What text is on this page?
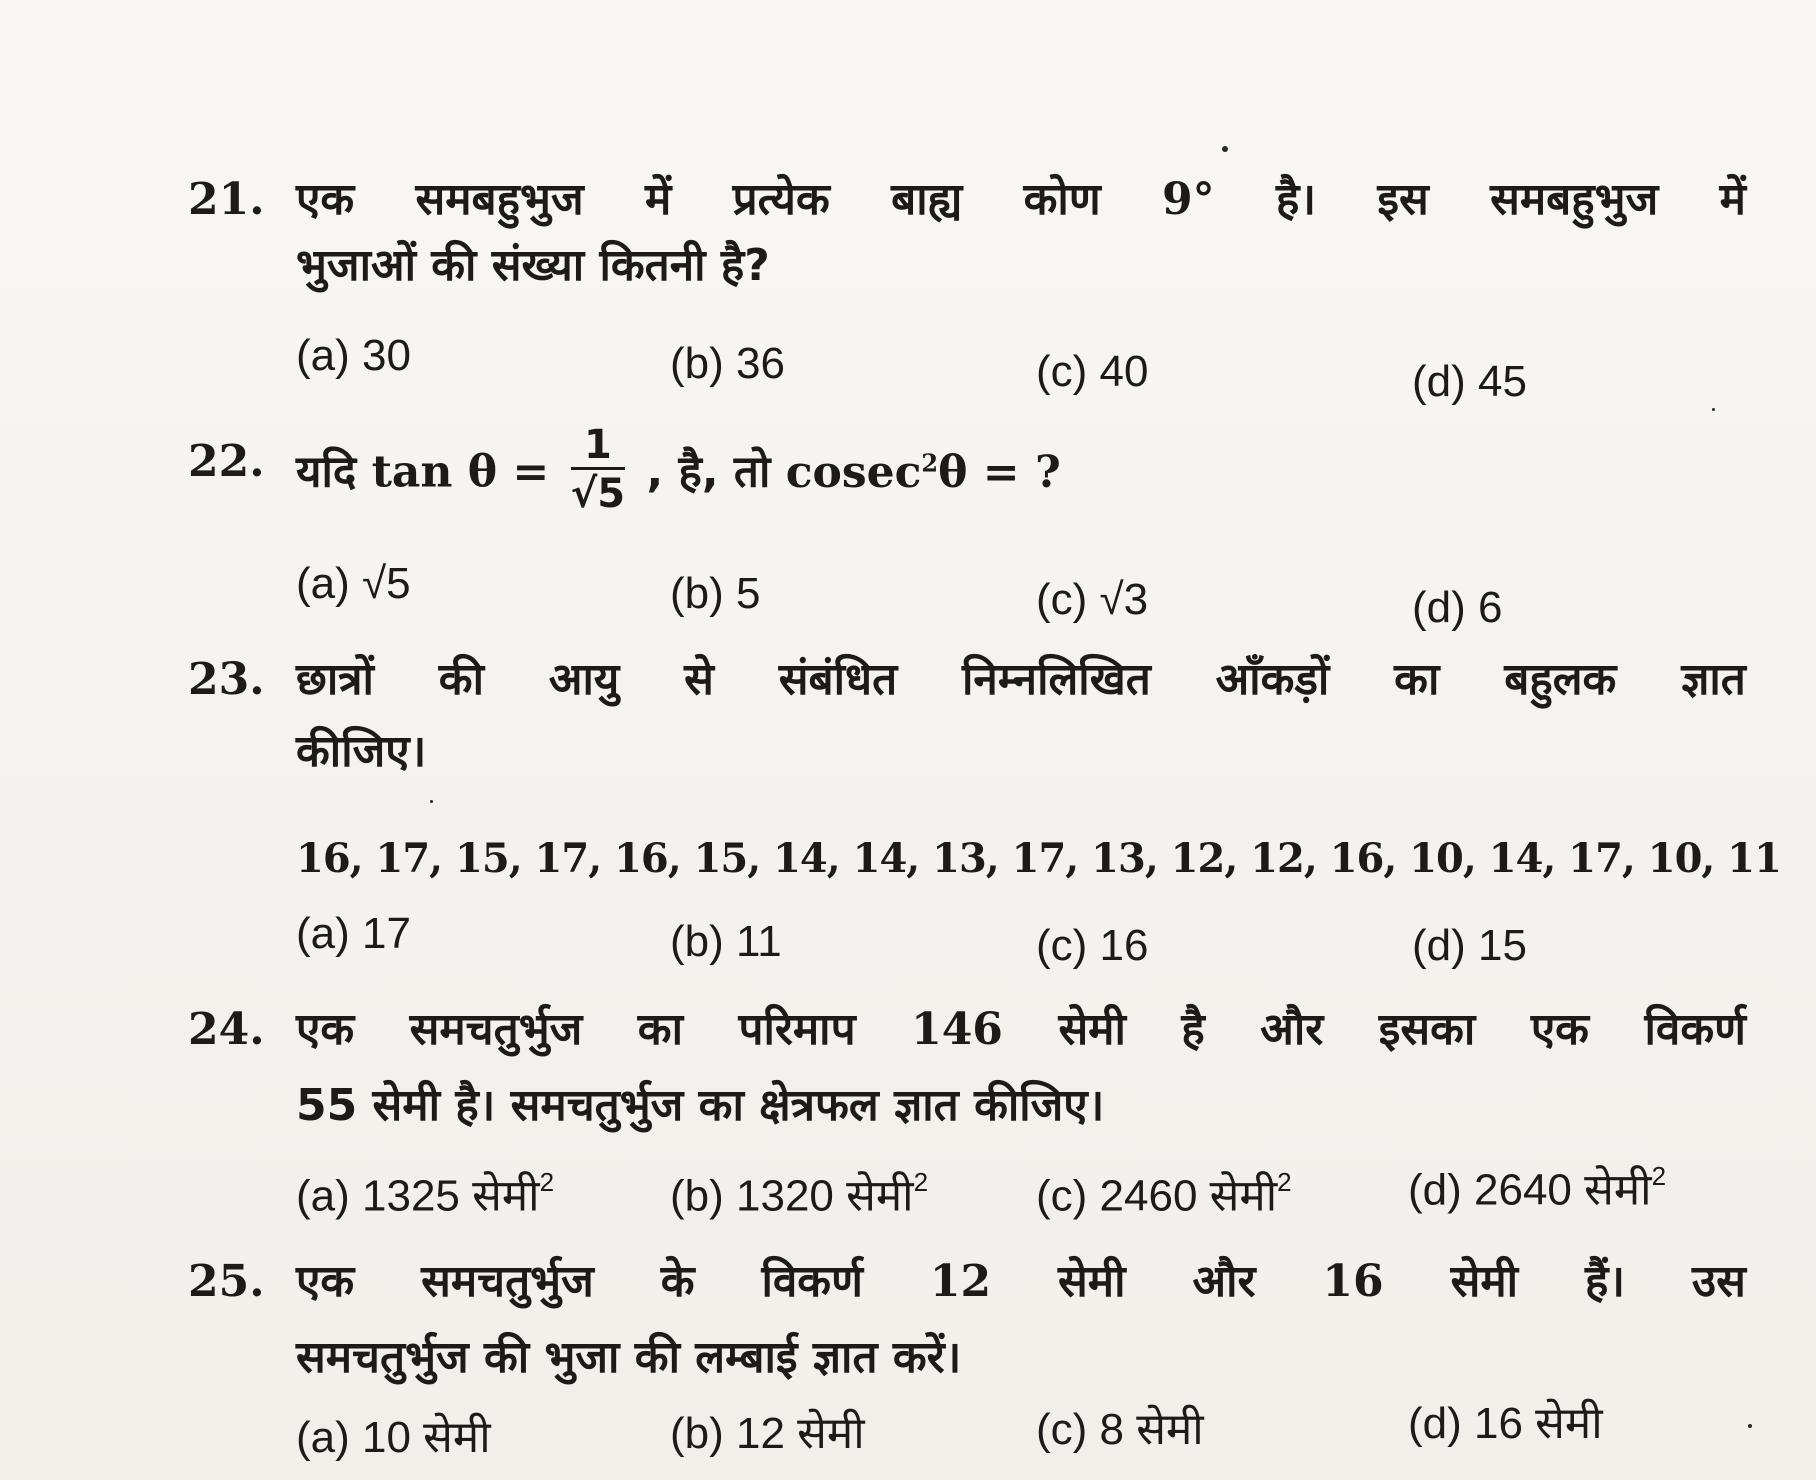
21. एक समबहुभुज में प्रत्येक बाह्य कोण 9° है। इस समबहुभुज में
भुजाओं की संख्या कितनी है?
(a) 30	(b) 36	(c) 40	(d) 45
22. यदि $\tan \theta = \frac{1}{√5}$ , है, तो cosec$^2$θ = ?
(a) √5	(b) 5	(c) √3	(d) 6
23. छात्रों की आयु से संबंधित निम्नलिखित आँकड़ों का बहुलक ज्ञात
कीजिए।
16, 17, 15, 17, 16, 15, 14, 14, 13, 17, 13, 12, 12, 16, 10, 14, 17, 10, 11
(a) 17	(b) 11	(c) 16	(d) 15
24. एक समचतुर्भुज का परिमाप 146 सेमी है और इसका एक विकर्ण
55 सेमी है। समचतुर्भुज का क्षेत्रफल ज्ञात कीजिए।
(a) 1325 सेमी$^2$	(b) 1320 सेमी$^2$ (c) 2460 सेमी$^2$	(d) 2640 सेमी$^2$
25. एक समचतुर्भुज के विकर्ण 12 सेमी और 16 सेमी हैं। उस
समचतुर्भुज की भुजा की लम्बाई ज्ञात करें।
(a) 10 सेमी	(b) 12 सेमी	(c) 8 सेमी	(d) 16 सेमी
